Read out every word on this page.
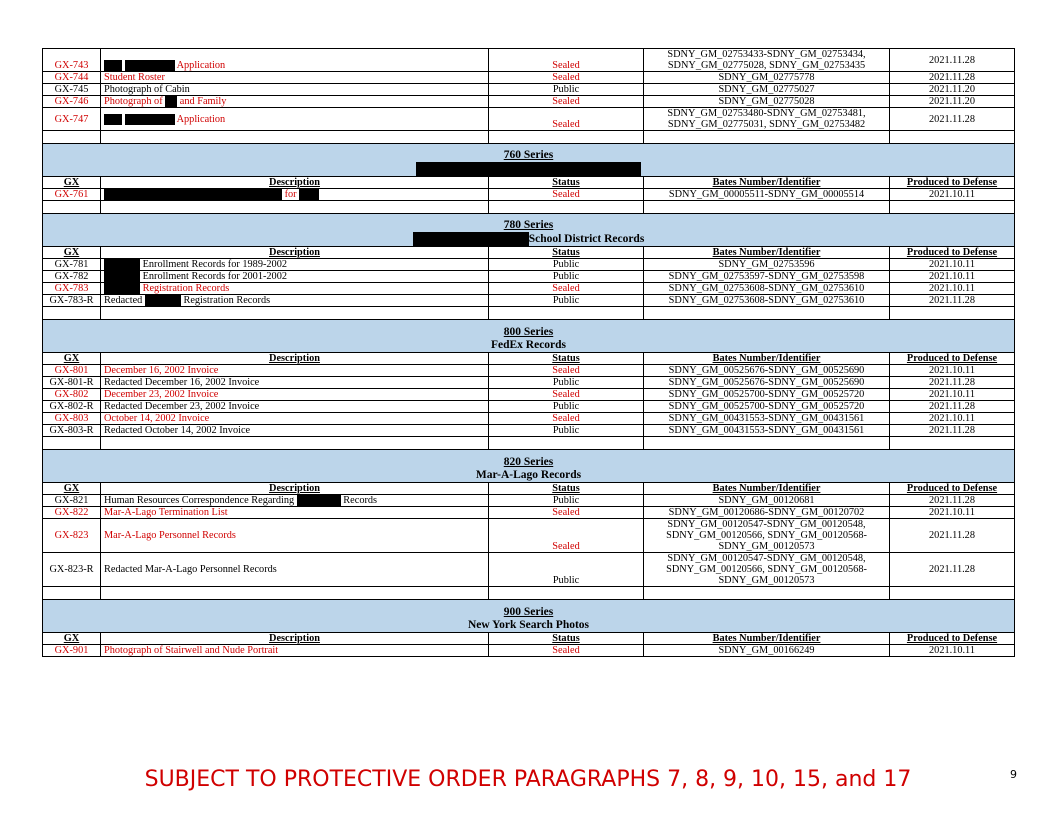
GX-743	Application	Sealed	SDNY_GM_02753433-SDNY_GM_02753434,
SDNY_GM_02775028, SDNY_GM_02753435	2021.11.28
GX-744	Student Roster	Sealed	SDNY_GM_02775778	2021.11.28
GX-745	Photograph of Cabin	Public	SDNY_GM_02775027	2021.11.20
GX-746	Photograph of  and Family	Sealed	SDNY_GM_02775028	2021.11.20
GX-747	Application	Sealed	SDNY_GM_02753480-SDNY_GM_02753481,
SDNY_GM_02775031, SDNY_GM_02753482	2021.11.28

760 Series				

GX	Description	Status	Bates Number/Identifier	Produced to Defense
GX-761	for	Sealed	SDNY_GM_00005511-SDNY_GM_00005514	2021.10.11

780 Series
School District Records				

GX	Description	Status	Bates Number/Identifier	Produced to Defense
GX-781	Enrollment Records for 1989-2002	Public	SDNY_GM_02753596	2021.10.11
GX-782	Enrollment Records for 2001-2002	Public	SDNY_GM_02753597-SDNY_GM_02753598	2021.10.11
GX-783	Registration Records	Sealed	SDNY_GM_02753608-SDNY_GM_02753610	2021.10.11
GX-783-R	Redacted Registration Records	Public	SDNY_GM_02753608-SDNY_GM_02753610	2021.11.28

800 Series
FedEx Records				

GX	Description	Status	Bates Number/Identifier	Produced to Defense
GX-801	December 16, 2002 Invoice	Sealed	SDNY_GM_00525676-SDNY_GM_00525690	2021.10.11
GX-801-R	Redacted December 16, 2002 Invoice	Public	SDNY_GM_00525676-SDNY_GM_00525690	2021.11.28
GX-802	December 23, 2002 Invoice	Sealed	SDNY_GM_00525700-SDNY_GM_00525720	2021.10.11
GX-802-R	Redacted December 23, 2002 Invoice	Public	SDNY_GM_00525700-SDNY_GM_00525720	2021.11.28
GX-803	October 14, 2002 Invoice	Sealed	SDNY_GM_00431553-SDNY_GM_00431561	2021.10.11
GX-803-R	Redacted October 14, 2002 Invoice	Public	SDNY_GM_00431553-SDNY_GM_00431561	2021.11.28

820 Series
Mar-A-Lago Records				

GX	Description	Status	Bates Number/Identifier	Produced to Defense
GX-821	Human Resources Correspondence Regarding Records	Public	SDNY_GM_00120681	2021.11.28
GX-822	Mar-A-Lago Termination List	Sealed	SDNY_GM_00120686-SDNY_GM_00120702	2021.10.11
GX-823	Mar-A-Lago Personnel Records	Sealed	SDNY_GM_00120547-SDNY_GM_00120548,
SDNY_GM_00120566, SDNY_GM_00120568-
SDNY_GM_00120573	2021.11.28
GX-823-R	Redacted Mar-A-Lago Personnel Records	Public	SDNY_GM_00120547-SDNY_GM_00120548,
SDNY_GM_00120566, SDNY_GM_00120568-
SDNY_GM_00120573	2021.11.28

900 Series
New York Search Photos				

GX	Description	Status	Bates Number/Identifier	Produced to Defense
GX-901	Photograph of Stairwell and Nude Portrait	Sealed	SDNY_GM_00166249	2021.10.11
SUBJECT TO PROTECTIVE ORDER PARAGRAPHS 7, 8, 9, 10, 15, and 17	9
